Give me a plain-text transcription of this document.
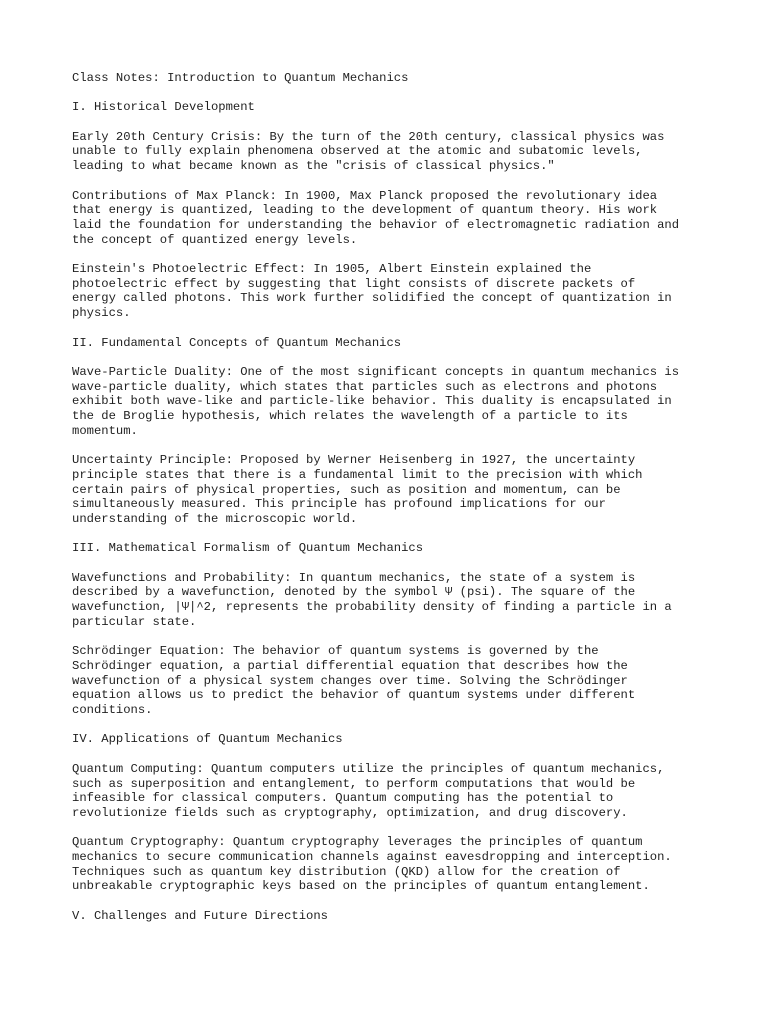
Class Notes: Introduction to Quantum Mechanics

I. Historical Development

Early 20th Century Crisis: By the turn of the 20th century, classical physics was
unable to fully explain phenomena observed at the atomic and subatomic levels,
leading to what became known as the "crisis of classical physics."

Contributions of Max Planck: In 1900, Max Planck proposed the revolutionary idea
that energy is quantized, leading to the development of quantum theory. His work
laid the foundation for understanding the behavior of electromagnetic radiation and
the concept of quantized energy levels.

Einstein's Photoelectric Effect: In 1905, Albert Einstein explained the
photoelectric effect by suggesting that light consists of discrete packets of
energy called photons. This work further solidified the concept of quantization in
physics.

II. Fundamental Concepts of Quantum Mechanics

Wave-Particle Duality: One of the most significant concepts in quantum mechanics is
wave-particle duality, which states that particles such as electrons and photons
exhibit both wave-like and particle-like behavior. This duality is encapsulated in
the de Broglie hypothesis, which relates the wavelength of a particle to its
momentum.

Uncertainty Principle: Proposed by Werner Heisenberg in 1927, the uncertainty
principle states that there is a fundamental limit to the precision with which
certain pairs of physical properties, such as position and momentum, can be
simultaneously measured. This principle has profound implications for our
understanding of the microscopic world.

III. Mathematical Formalism of Quantum Mechanics

Wavefunctions and Probability: In quantum mechanics, the state of a system is
described by a wavefunction, denoted by the symbol Ψ (psi). The square of the
wavefunction, |Ψ|^2, represents the probability density of finding a particle in a
particular state.

Schrödinger Equation: The behavior of quantum systems is governed by the
Schrödinger equation, a partial differential equation that describes how the
wavefunction of a physical system changes over time. Solving the Schrödinger
equation allows us to predict the behavior of quantum systems under different
conditions.

IV. Applications of Quantum Mechanics

Quantum Computing: Quantum computers utilize the principles of quantum mechanics,
such as superposition and entanglement, to perform computations that would be
infeasible for classical computers. Quantum computing has the potential to
revolutionize fields such as cryptography, optimization, and drug discovery.

Quantum Cryptography: Quantum cryptography leverages the principles of quantum
mechanics to secure communication channels against eavesdropping and interception.
Techniques such as quantum key distribution (QKD) allow for the creation of
unbreakable cryptographic keys based on the principles of quantum entanglement.

V. Challenges and Future Directions
